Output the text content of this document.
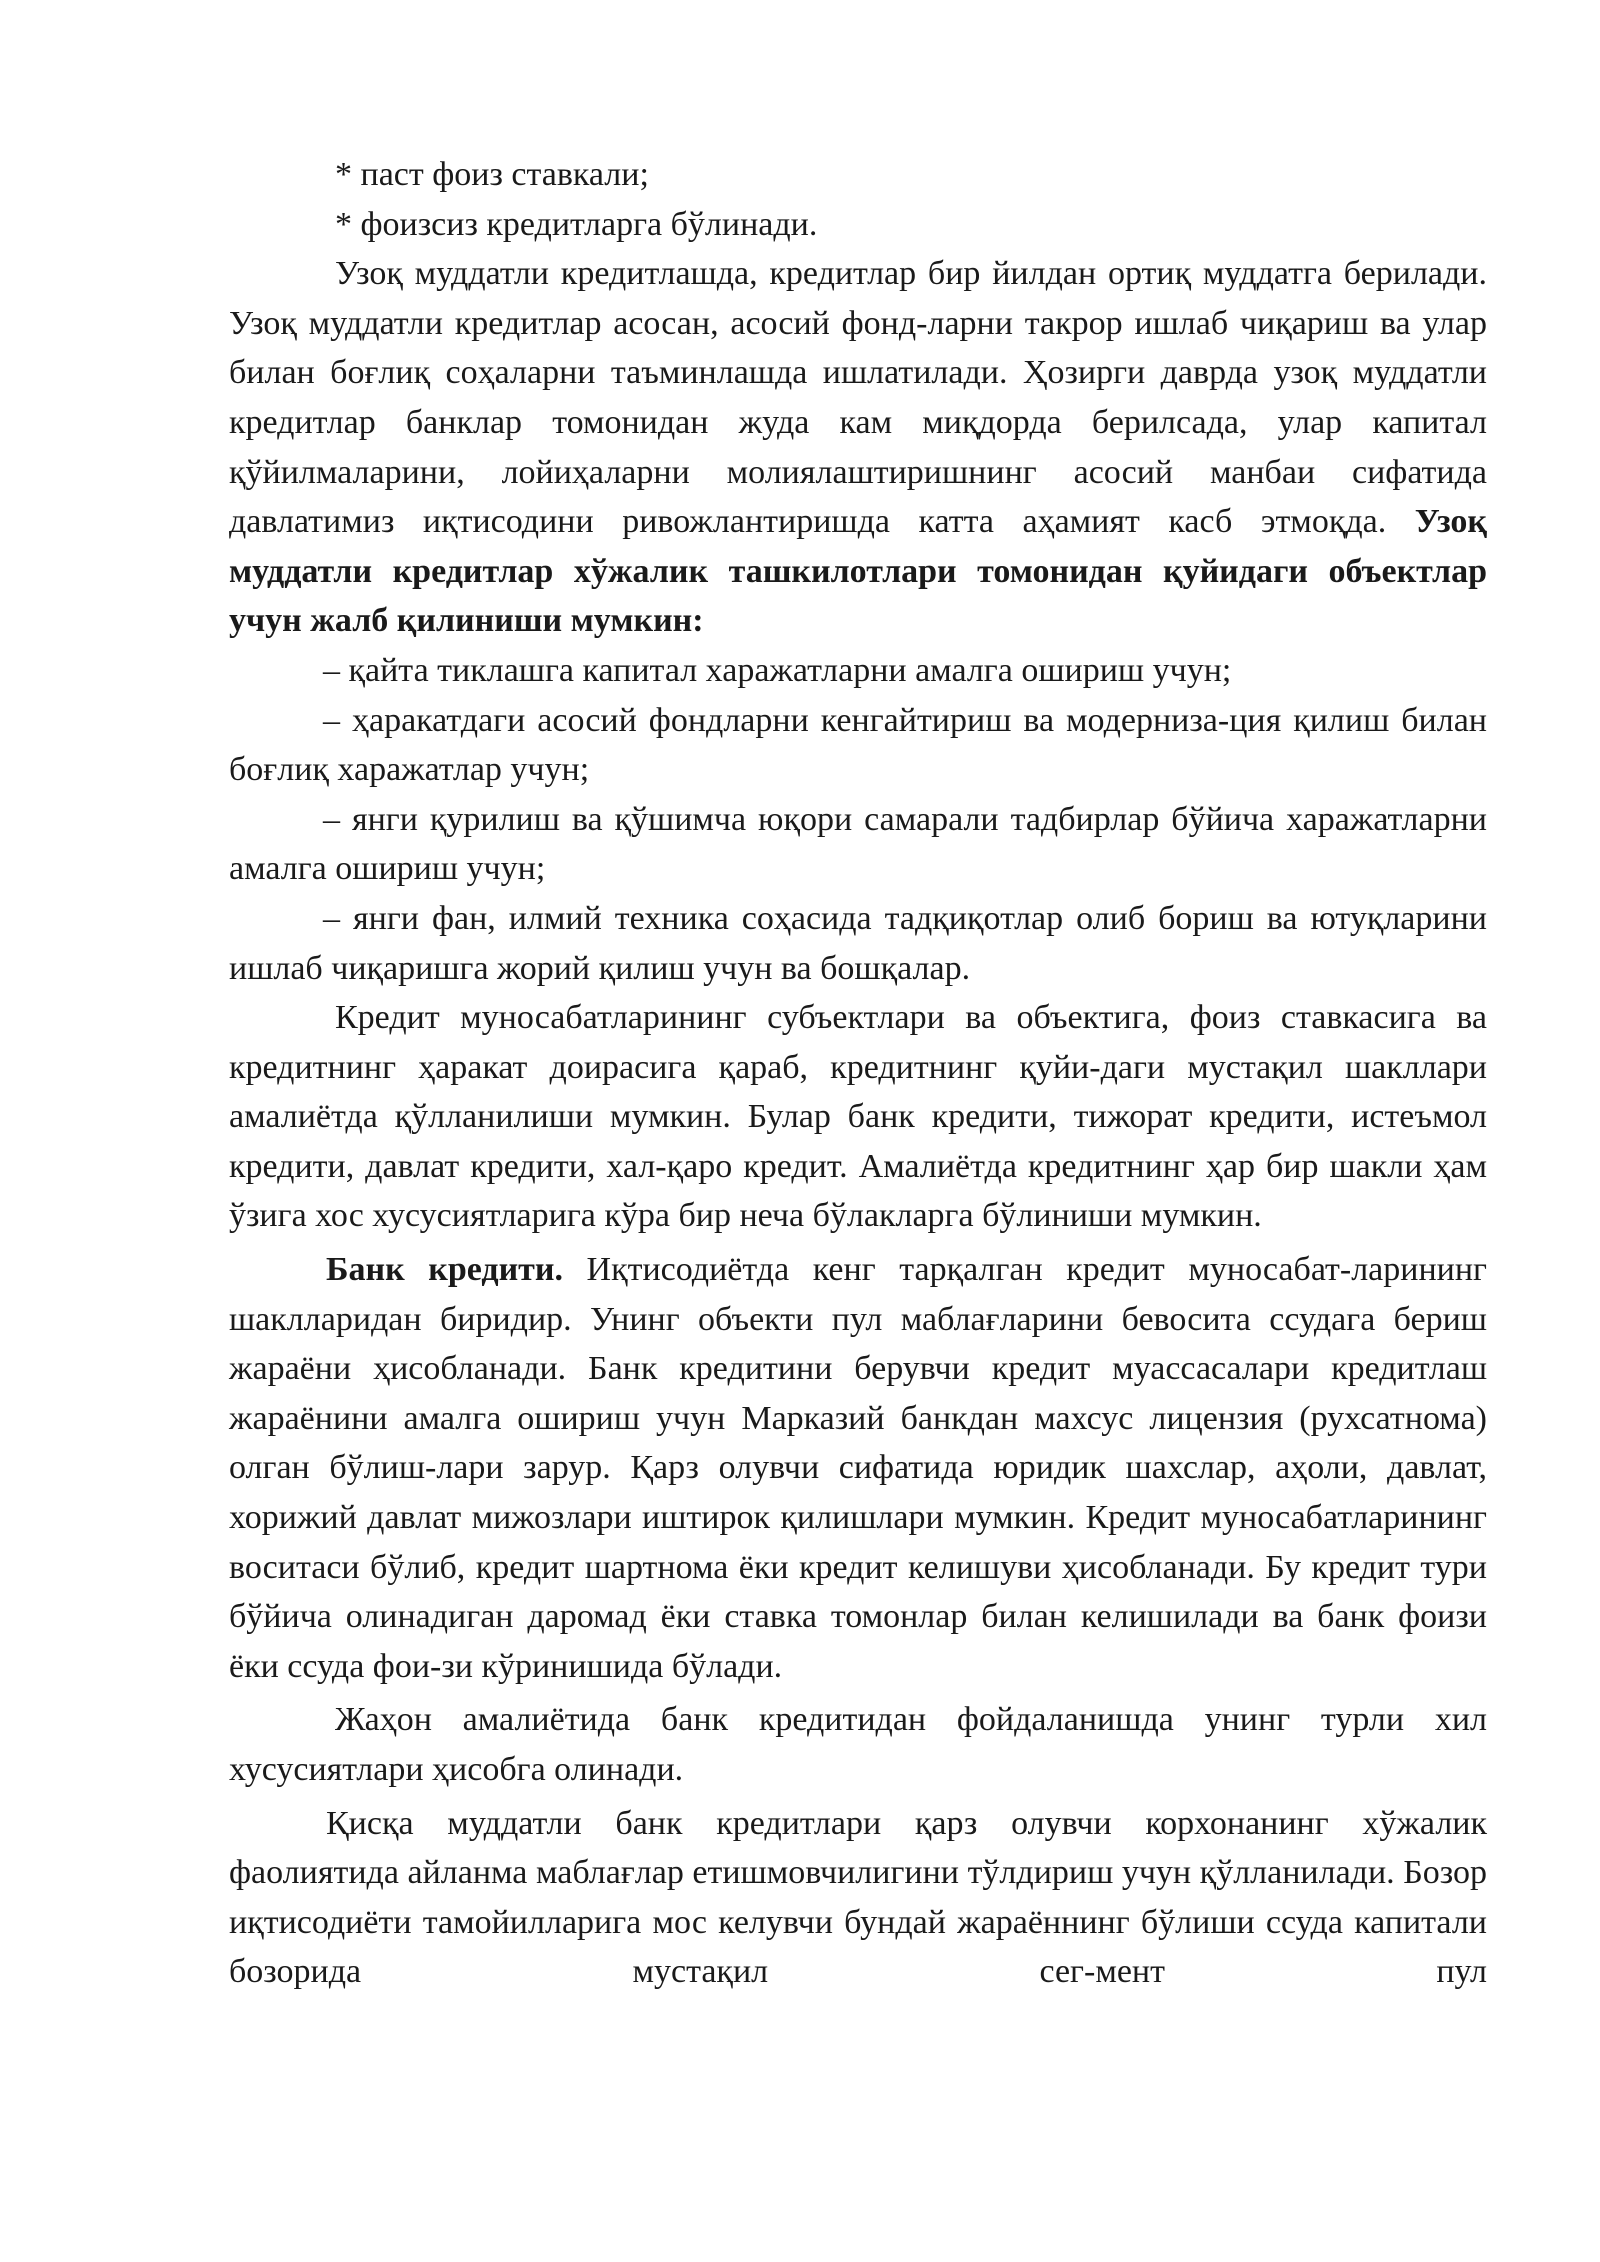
* паст фоиз ставкали;

* фоизсиз кредитларга бўлинади.

Узоқ муддатли кредитлашда, кредитлар бир йилдан ортиқ муддатга берилади. Узоқ муддатли кредитлар асосан, асосий фонд-ларни такрор ишлаб чиқариш ва улар билан боғлиқ соҳаларни таъминлашда ишлатилади. Ҳозирги даврда узоқ муддатли кредитлар банклар томонидан жуда кам миқдорда берилсада, улар капитал қўйилмаларини, лойиҳаларни молиялаштиришнинг асосий манбаи сифатида давлатимиз иқтисодини ривожлантиришда катта аҳамият касб этмоқда. Узоқ муддатли кредитлар хўжалик ташкилотлари томонидан қуйидаги объектлар учун жалб қилиниши мумкин:

– қайта тиклашга капитал харажатларни амалга ошириш учун;

– ҳаракатдаги асосий фондларни кенгайтириш ва модерниза-ция қилиш билан боғлиқ харажатлар учун;

– янги қурилиш ва қўшимча юқори самарали тадбирлар бўйича харажатларни амалга ошириш учун;

– янги фан, илмий техника соҳасида тадқиқотлар олиб бориш ва ютуқларини ишлаб чиқаришга жорий қилиш учун ва бошқалар.

Кредит муносабатларининг субъектлари ва объектига, фоиз ставкасига ва кредитнинг ҳаракат доирасига қараб, кредитнинг қуйи-даги мустақил шакллари амалиётда қўлланилиши мумкин. Булар банк кредити, тижорат кредити, истеъмол кредити, давлат кредити, хал-қаро кредит. Амалиётда кредитнинг ҳар бир шакли ҳам ўзига хос хусусиятларига кўра бир неча бўлакларга бўлиниши мумкин.

Банк кредити. Иқтисодиётда кенг тарқалган кредит муносабат-ларининг шаклларидан биридир. Унинг объекти пул маблағларини бевосита ссудага бериш жараёни ҳисобланади. Банк кредитини берувчи кредит муассасалари кредитлаш жараёнини амалга ошириш учун Марказий банкдан махсус лицензия (рухсатнома) олган бўлиш-лари зарур. Қарз олувчи сифатида юридик шахслар, аҳоли, давлат, хорижий давлат мижозлари иштирок қилишлари мумкин. Кредит муносабатларининг воситаси бўлиб, кредит шартнома ёки кредит келишуви ҳисобланади. Бу кредит тури бўйича олинадиган даромад ёки ставка томонлар билан келишилади ва банк фоизи ёки ссуда фои-зи кўринишида бўлади.

Жаҳон амалиётида банк кредитидан фойдаланишда унинг турли хил хусусиятлари ҳисобга олинади.

Қисқа муддатли банк кредитлари қарз олувчи корхонанинг хўжалик фаолиятида айланма маблағлар етишмовчилигини тўлдириш учун қўлланилади. Бозор иқтисодиёти тамойилларига мос келувчи бундай жараённинг бўлиши ссуда капитали бозорида мустақил сег-мент пул
